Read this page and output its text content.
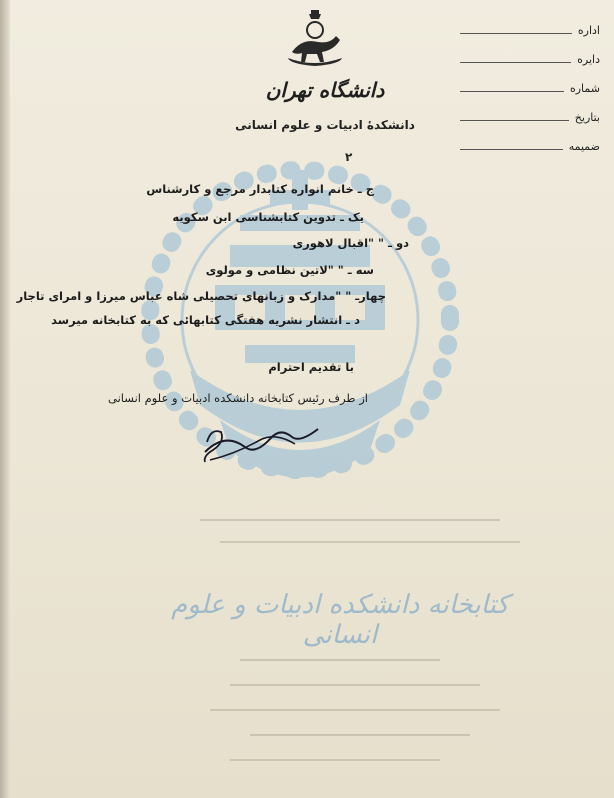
کتابخانه دانشکده ادبیات و علوم انسانی
دانشگاه تهران
دانشکدۀ ادبیات و علوم انسانی
اداره
دایره
شماره
بتاریخ
ضمیمه
۲
ج ـ خانم انواره کتابدار مرجع و کارشناس
یک ـ تدوین کتابشناسی ابن سکویه
دو ـ " "اقبال لاهوری
سه ـ " "لاتین نظامی و مولوی
چهارـ " "مدارک و زبانهای تحصیلی شاه عباس میرزا و امرای تاجار
د ـ انتشار نشریه هفتگی کتابهائی که به کتابخانه میرسد
با تقدیم احترام
از طرف رئیس کتابخانه دانشکده ادبیات و علوم انسانی
